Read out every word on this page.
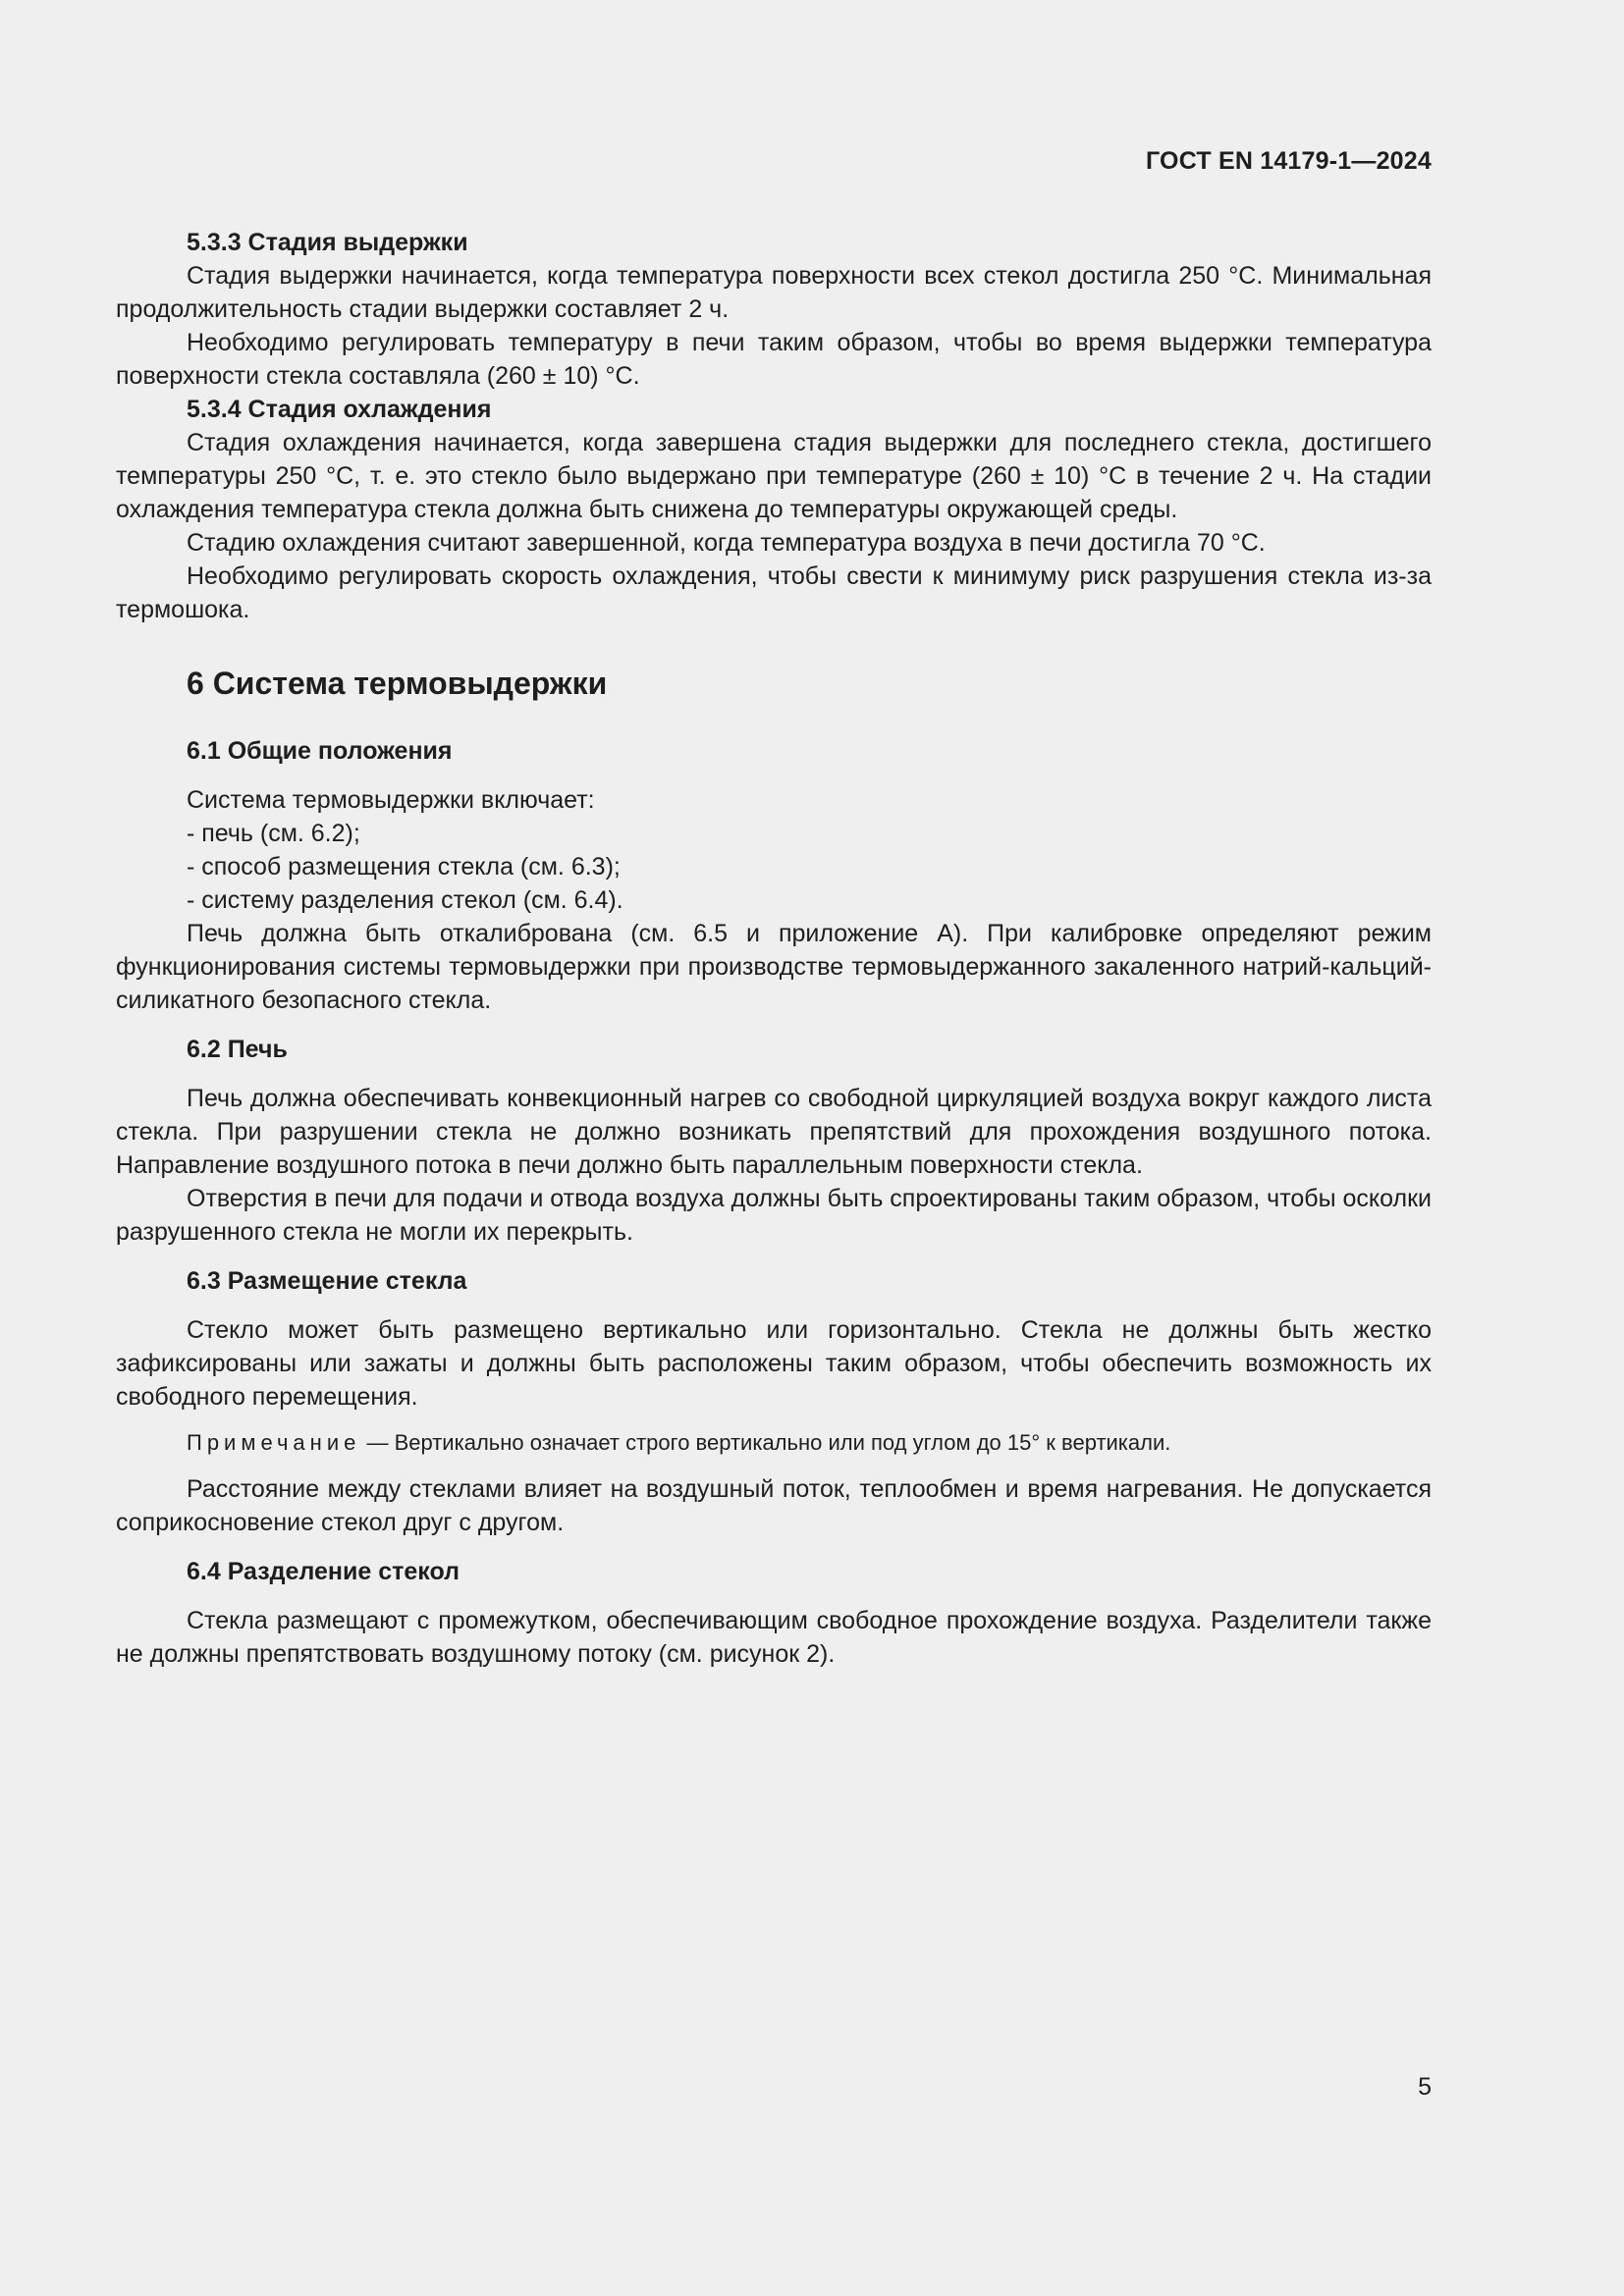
ГОСТ EN 14179-1—2024
5.3.3 Стадия выдержки

Стадия выдержки начинается, когда температура поверхности всех стекол достигла 250 °С. Минимальная продолжительность стадии выдержки составляет 2 ч.

Необходимо регулировать температуру в печи таким образом, чтобы во время выдержки температура поверхности стекла составляла (260 ± 10) °С.

5.3.4 Стадия охлаждения

Стадия охлаждения начинается, когда завершена стадия выдержки для последнего стекла, достигшего температуры 250 °С, т. е. это стекло было выдержано при температуре (260 ± 10) °С в течение 2 ч. На стадии охлаждения температура стекла должна быть снижена до температуры окружающей среды.

Стадию охлаждения считают завершенной, когда температура воздуха в печи достигла 70 °С.

Необходимо регулировать скорость охлаждения, чтобы свести к минимуму риск разрушения стекла из-за термошока.

6 Система термовыдержки
6.1 Общие положения

Система термовыдержки включает:

- печь (см. 6.2);

- способ размещения стекла (см. 6.3);

- систему разделения стекол (см. 6.4).

Печь должна быть откалибрована (см. 6.5 и приложение А). При калибровке определяют режим функционирования системы термовыдержки при производстве термовыдержанного закаленного натрий-кальций-силикатного безопасного стекла.

6.2 Печь

Печь должна обеспечивать конвекционный нагрев со свободной циркуляцией воздуха вокруг каждого листа стекла. При разрушении стекла не должно возникать препятствий для прохождения воздушного потока. Направление воздушного потока в печи должно быть параллельным поверхности стекла.

Отверстия в печи для подачи и отвода воздуха должны быть спроектированы таким образом, чтобы осколки разрушенного стекла не могли их перекрыть.

6.3 Размещение стекла

Стекло может быть размещено вертикально или горизонтально. Стекла не должны быть жестко зафиксированы или зажаты и должны быть расположены таким образом, чтобы обеспечить возможность их свободного перемещения.

Примечание — Вертикально означает строго вертикально или под углом до 15° к вертикали.

Расстояние между стеклами влияет на воздушный поток, теплообмен и время нагревания. Не допускается соприкосновение стекол друг с другом.

6.4 Разделение стекол

Стекла размещают с промежутком, обеспечивающим свободное прохождение воздуха. Разделители также не должны препятствовать воздушному потоку (см. рисунок 2).

5
